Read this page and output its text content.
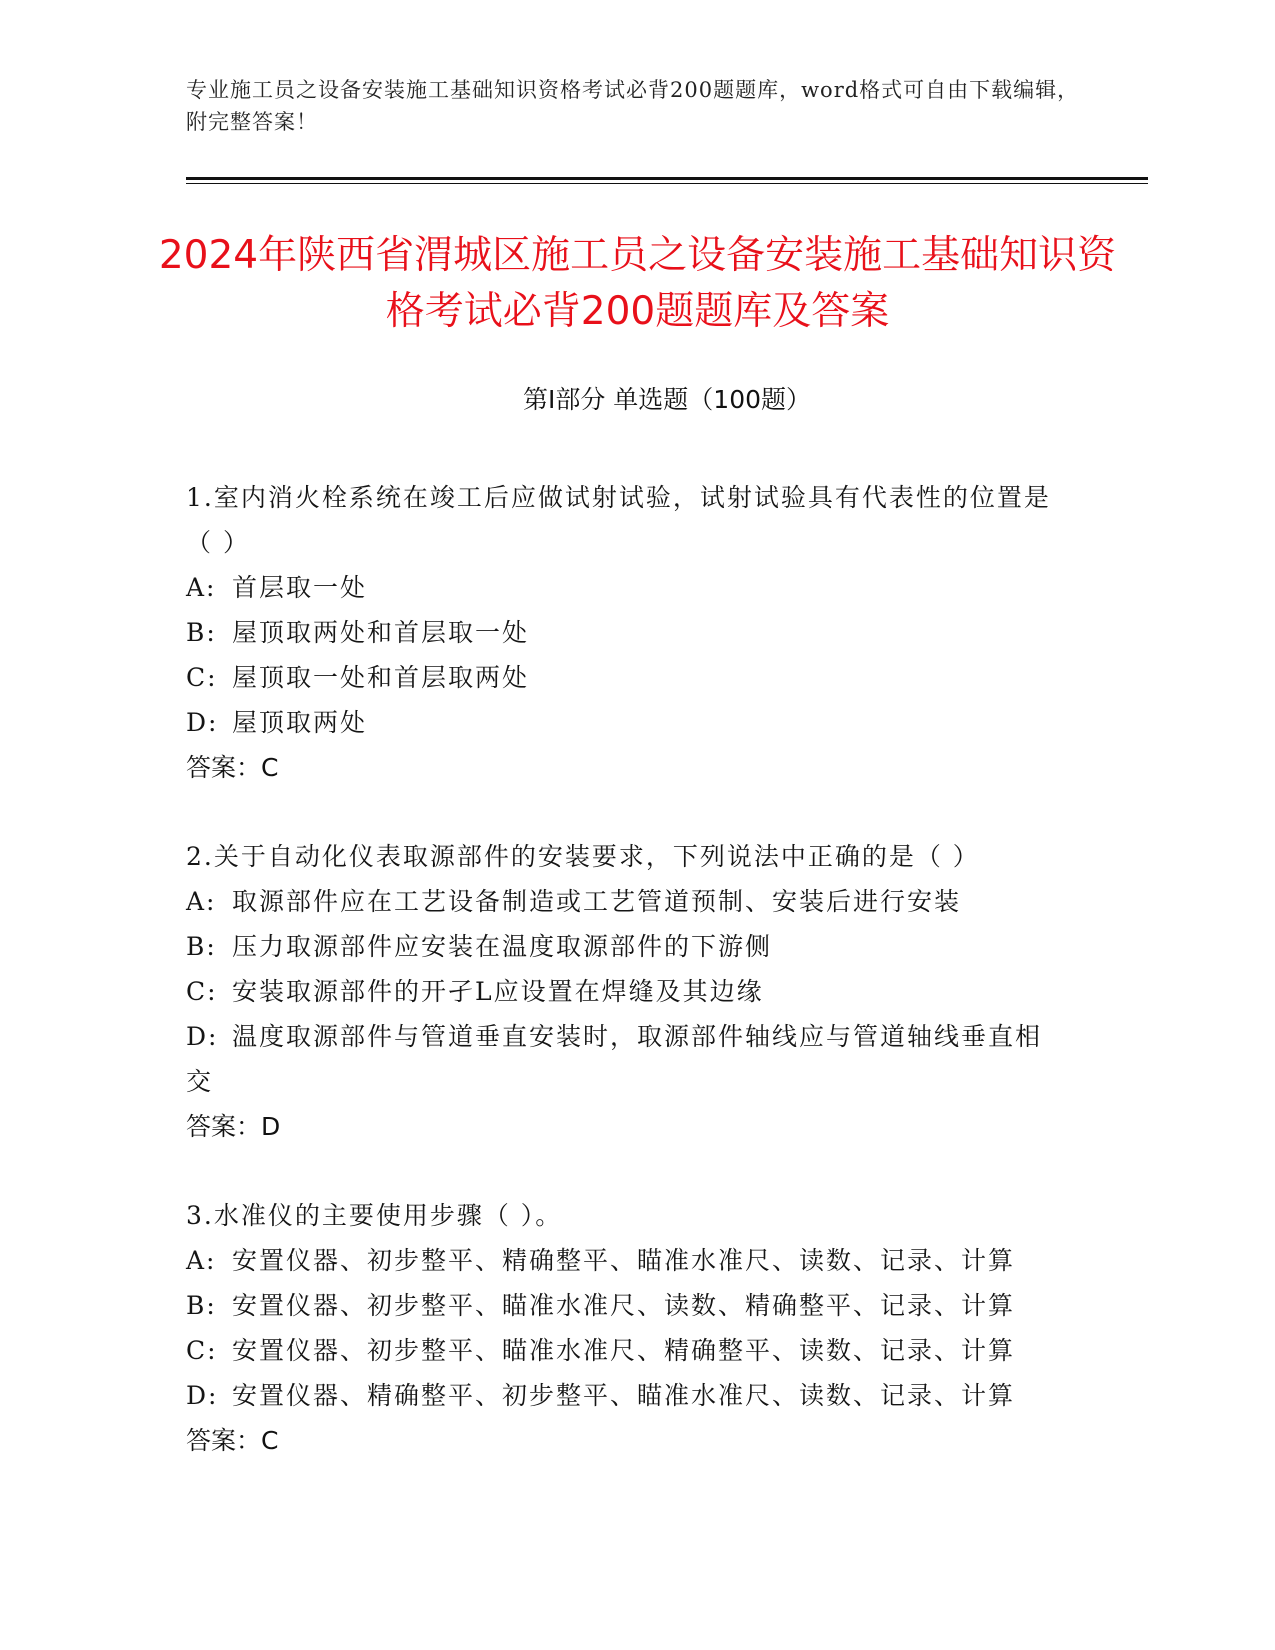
专业施工员之设备安装施工基础知识资格考试必背200题题库，word格式可自由下载编辑，附完整答案！
2024年陕西省渭城区施工员之设备安装施工基础知识资格考试必背200题题库及答案
第I部分 单选题（100题）
1.室内消火栓系统在竣工后应做试射试验，试射试验具有代表性的位置是（ ）
A: 首层取一处
B: 屋顶取两处和首层取一处
C: 屋顶取一处和首层取两处
D: 屋顶取两处
答案：C
2.关于自动化仪表取源部件的安装要求，下列说法中正确的是（ ）
A: 取源部件应在工艺设备制造或工艺管道预制、安装后进行安装
B: 压力取源部件应安装在温度取源部件的下游侧
C: 安装取源部件的开孑L应设置在焊缝及其边缘
D: 温度取源部件与管道垂直安装时，取源部件轴线应与管道轴线垂直相交
答案：D
3.水准仪的主要使用步骤（ ）。
A: 安置仪器、初步整平、精确整平、瞄准水准尺、读数、记录、计算
B: 安置仪器、初步整平、瞄准水准尺、读数、精确整平、记录、计算
C: 安置仪器、初步整平、瞄准水准尺、精确整平、读数、记录、计算
D: 安置仪器、精确整平、初步整平、瞄准水准尺、读数、记录、计算
答案：C
